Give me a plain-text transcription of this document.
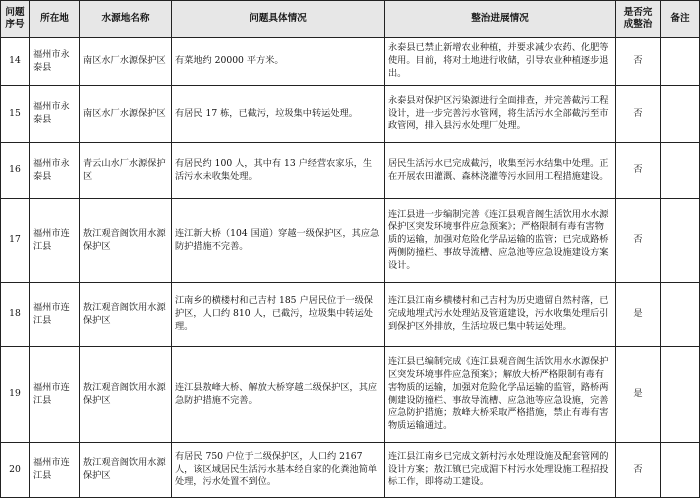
问题序号	所在地	水源地名称	问题具体情况	整治进展情况	是否完成整治	备注
14	福州市永泰县	南区水厂水源保护区	有菜地约 20000 平方米。	永泰县已禁止新增农业种植，并要求减少农药、化肥等使用。目前，将对土地进行收储，引导农业种植逐步退出。	否	
15	福州市永泰县	南区水厂水源保护区	有居民 17 栋，已截污，垃圾集中转运处理。	永泰县对保护区污染源进行全面排查，并完善截污工程设计，进一步完善污水管网，将生活污水全部截污至市政管网，排入县污水处理厂处理。	否	
16	福州市永泰县	青云山水厂水源保护区	有居民约 100 人，其中有 13 户经营农家乐，生活污水未收集处理。	居民生活污水已完成截污，收集至污水结集中处理。正在开展农田灌溉、森林浇灌等污水回用工程措施建设。	否	
17	福州市连江县	敖江观音阁饮用水源保护区	连江新大桥（104 国道）穿越一级保护区，其应急防护措施不完善。	连江县进一步编制完善《连江县观音阁生活饮用水水源保护区突发环境事件应急预案》；严格限制有毒有害物质的运输，加强对危险化学品运输的监管；已完成路桥两侧防撞栏、事故导流槽、应急池等应急设施建设方案设计。	否	
18	福州市连江县	敖江观音阁饮用水源保护区	江南乡的横楼村和己吉村 185 户居民位于一级保护区，人口约 810 人，已截污，垃圾集中转运处理。	连江县江南乡横楼村和己吉村为历史遗留自然村落，已完成地埋式污水处理站及管道建设，污水收集处理后引到保护区外排放，生活垃圾已集中转运处理。	是	
19	福州市连江县	敖江观音阁饮用水源保护区	连江县敖峰大桥、解放大桥穿越二级保护区，其应急防护措施不完善。	连江县已编制完成《连江县观音阁生活饮用水水源保护区突发环境事件应急预案》；解放大桥严格限制有毒有害物质的运输，加强对危险化学品运输的监管，路桥两侧建设防撞栏、事故导流槽、应急池等应急设施，完善应急防护措施；敖峰大桥采取严格措施，禁止有毒有害物质运输通过。	是	
20	福州市连江县	敖江观音阁饮用水源保护区	有居民 750 户位于二级保护区，人口约 2167 人，该区域居民生活污水基本经自家的化粪池简单处理，污水处置不到位。	连江县江南乡已完成文新村污水处理设施及配套管网的设计方案；敖江镇已完成湄下村污水处理设施工程招投标工作，即将动工建设。	否	
